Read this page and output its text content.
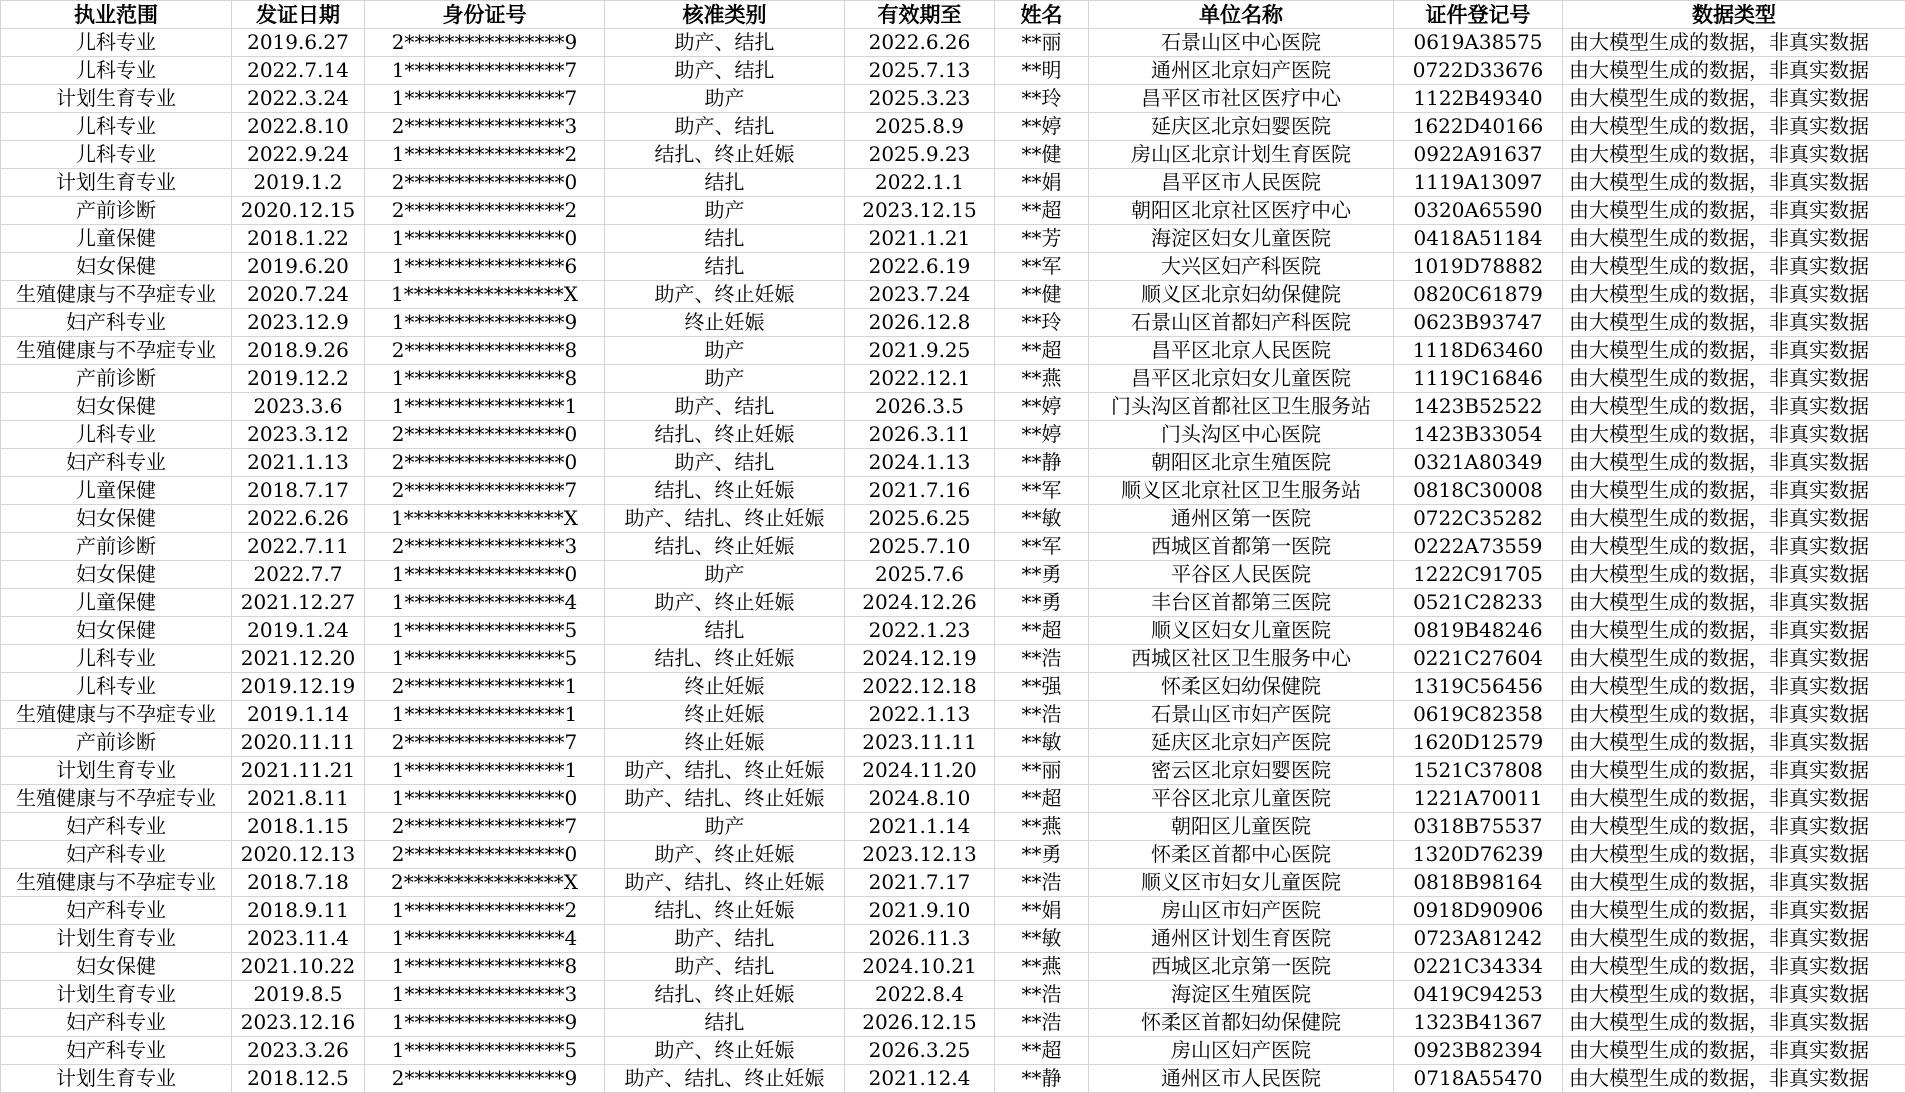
执业范围	发证日期	身份证号	核准类别	有效期至	姓名	单位名称	证件登记号	数据类型
儿科专业	2019.6.27	2****************9	助产、结扎	2022.6.26	**丽	石景山区中心医院	0619A38575	由大模型生成的数据，非真实数据
儿科专业	2022.7.14	1****************7	助产、结扎	2025.7.13	**明	通州区北京妇产医院	0722D33676	由大模型生成的数据，非真实数据
计划生育专业	2022.3.24	1****************7	助产	2025.3.23	**玲	昌平区市社区医疗中心	1122B49340	由大模型生成的数据，非真实数据
儿科专业	2022.8.10	2****************3	助产、结扎	2025.8.9	**婷	延庆区北京妇婴医院	1622D40166	由大模型生成的数据，非真实数据
儿科专业	2022.9.24	1****************2	结扎、终止妊娠	2025.9.23	**健	房山区北京计划生育医院	0922A91637	由大模型生成的数据，非真实数据
计划生育专业	2019.1.2	2****************0	结扎	2022.1.1	**娟	昌平区市人民医院	1119A13097	由大模型生成的数据，非真实数据
产前诊断	2020.12.15	2****************2	助产	2023.12.15	**超	朝阳区北京社区医疗中心	0320A65590	由大模型生成的数据，非真实数据
儿童保健	2018.1.22	1****************0	结扎	2021.1.21	**芳	海淀区妇女儿童医院	0418A51184	由大模型生成的数据，非真实数据
妇女保健	2019.6.20	1****************6	结扎	2022.6.19	**军	大兴区妇产科医院	1019D78882	由大模型生成的数据，非真实数据
生殖健康与不孕症专业	2020.7.24	1****************X	助产、终止妊娠	2023.7.24	**健	顺义区北京妇幼保健院	0820C61879	由大模型生成的数据，非真实数据
妇产科专业	2023.12.9	1****************9	终止妊娠	2026.12.8	**玲	石景山区首都妇产科医院	0623B93747	由大模型生成的数据，非真实数据
生殖健康与不孕症专业	2018.9.26	2****************8	助产	2021.9.25	**超	昌平区北京人民医院	1118D63460	由大模型生成的数据，非真实数据
产前诊断	2019.12.2	1****************8	助产	2022.12.1	**燕	昌平区北京妇女儿童医院	1119C16846	由大模型生成的数据，非真实数据
妇女保健	2023.3.6	1****************1	助产、结扎	2026.3.5	**婷	门头沟区首都社区卫生服务站	1423B52522	由大模型生成的数据，非真实数据
儿科专业	2023.3.12	2****************0	结扎、终止妊娠	2026.3.11	**婷	门头沟区中心医院	1423B33054	由大模型生成的数据，非真实数据
妇产科专业	2021.1.13	2****************0	助产、结扎	2024.1.13	**静	朝阳区北京生殖医院	0321A80349	由大模型生成的数据，非真实数据
儿童保健	2018.7.17	2****************7	结扎、终止妊娠	2021.7.16	**军	顺义区北京社区卫生服务站	0818C30008	由大模型生成的数据，非真实数据
妇女保健	2022.6.26	1****************X	助产、结扎、终止妊娠	2025.6.25	**敏	通州区第一医院	0722C35282	由大模型生成的数据，非真实数据
产前诊断	2022.7.11	2****************3	结扎、终止妊娠	2025.7.10	**军	西城区首都第一医院	0222A73559	由大模型生成的数据，非真实数据
妇女保健	2022.7.7	1****************0	助产	2025.7.6	**勇	平谷区人民医院	1222C91705	由大模型生成的数据，非真实数据
儿童保健	2021.12.27	1****************4	助产、终止妊娠	2024.12.26	**勇	丰台区首都第三医院	0521C28233	由大模型生成的数据，非真实数据
妇女保健	2019.1.24	1****************5	结扎	2022.1.23	**超	顺义区妇女儿童医院	0819B48246	由大模型生成的数据，非真实数据
儿科专业	2021.12.20	1****************5	结扎、终止妊娠	2024.12.19	**浩	西城区社区卫生服务中心	0221C27604	由大模型生成的数据，非真实数据
儿科专业	2019.12.19	2****************1	终止妊娠	2022.12.18	**强	怀柔区妇幼保健院	1319C56456	由大模型生成的数据，非真实数据
生殖健康与不孕症专业	2019.1.14	1****************1	终止妊娠	2022.1.13	**浩	石景山区市妇产医院	0619C82358	由大模型生成的数据，非真实数据
产前诊断	2020.11.11	2****************7	终止妊娠	2023.11.11	**敏	延庆区北京妇产医院	1620D12579	由大模型生成的数据，非真实数据
计划生育专业	2021.11.21	1****************1	助产、结扎、终止妊娠	2024.11.20	**丽	密云区北京妇婴医院	1521C37808	由大模型生成的数据，非真实数据
生殖健康与不孕症专业	2021.8.11	1****************0	助产、结扎、终止妊娠	2024.8.10	**超	平谷区北京儿童医院	1221A70011	由大模型生成的数据，非真实数据
妇产科专业	2018.1.15	2****************7	助产	2021.1.14	**燕	朝阳区儿童医院	0318B75537	由大模型生成的数据，非真实数据
妇产科专业	2020.12.13	2****************0	助产、终止妊娠	2023.12.13	**勇	怀柔区首都中心医院	1320D76239	由大模型生成的数据，非真实数据
生殖健康与不孕症专业	2018.7.18	2****************X	助产、结扎、终止妊娠	2021.7.17	**浩	顺义区市妇女儿童医院	0818B98164	由大模型生成的数据，非真实数据
妇产科专业	2018.9.11	1****************2	结扎、终止妊娠	2021.9.10	**娟	房山区市妇产医院	0918D90906	由大模型生成的数据，非真实数据
计划生育专业	2023.11.4	1****************4	助产、结扎	2026.11.3	**敏	通州区计划生育医院	0723A81242	由大模型生成的数据，非真实数据
妇女保健	2021.10.22	1****************8	助产、结扎	2024.10.21	**燕	西城区北京第一医院	0221C34334	由大模型生成的数据，非真实数据
计划生育专业	2019.8.5	1****************3	结扎、终止妊娠	2022.8.4	**浩	海淀区生殖医院	0419C94253	由大模型生成的数据，非真实数据
妇产科专业	2023.12.16	1****************9	结扎	2026.12.15	**浩	怀柔区首都妇幼保健院	1323B41367	由大模型生成的数据，非真实数据
妇产科专业	2023.3.26	1****************5	助产、终止妊娠	2026.3.25	**超	房山区妇产医院	0923B82394	由大模型生成的数据，非真实数据
计划生育专业	2018.12.5	2****************9	助产、结扎、终止妊娠	2021.12.4	**静	通州区市人民医院	0718A55470	由大模型生成的数据，非真实数据
